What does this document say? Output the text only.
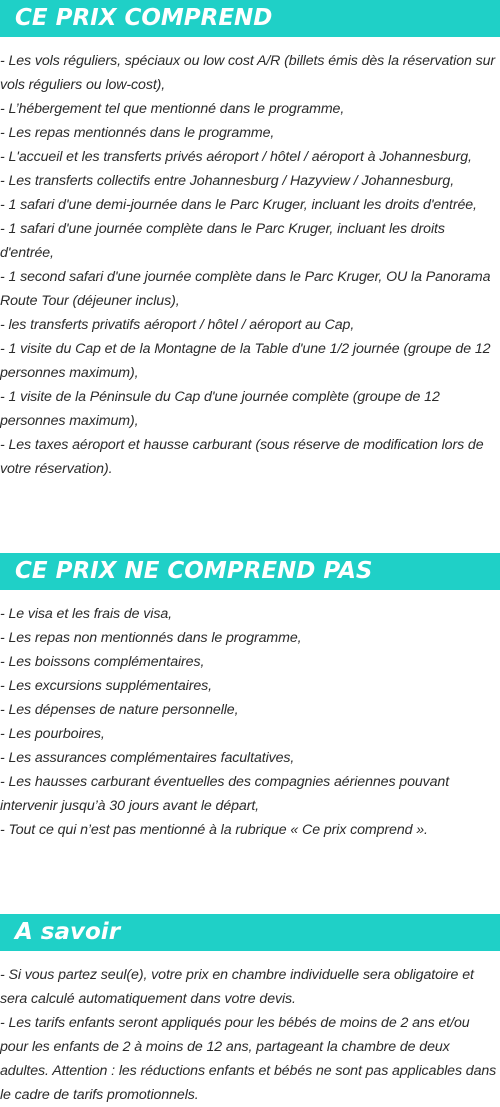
CE PRIX COMPREND

- Les vols réguliers, spéciaux ou low cost A/R (billets émis dès la réservation sur vols réguliers ou low-cost),

- L’hébergement tel que mentionné dans le programme,

- Les repas mentionnés dans le programme,

- L'accueil et les transferts privés aéroport / hôtel / aéroport à Johannesburg,

- Les transferts collectifs entre Johannesburg / Hazyview / Johannesburg,

- 1 safari d'une demi-journée dans le Parc Kruger, incluant les droits d'entrée,

- 1 safari d'une journée complète dans le Parc Kruger, incluant les droits d'entrée,

- 1 second safari d'une journée complète dans le Parc Kruger, OU la Panorama Route Tour (déjeuner inclus),

- les transferts privatifs aéroport / hôtel / aéroport au Cap,

- 1 visite du Cap et de la Montagne de la Table d'une 1/2 journée (groupe de 12 personnes maximum),

- 1 visite de la Péninsule du Cap d'une journée complète (groupe de 12 personnes maximum),

- Les taxes aéroport et hausse carburant (sous réserve de modification lors de votre réservation).

CE PRIX NE COMPREND PAS

- Le visa et les frais de visa,

- Les repas non mentionnés dans le programme,

- Les boissons complémentaires,

- Les excursions supplémentaires,

- Les dépenses de nature personnelle,

- Les pourboires,

- Les assurances complémentaires facultatives,

- Les hausses carburant éventuelles des compagnies aériennes pouvant intervenir jusqu’à 30 jours avant le départ,

- Tout ce qui n’est pas mentionné à la rubrique « Ce prix comprend ».

A savoir

- Si vous partez seul(e), votre prix en chambre individuelle sera obligatoire et sera calculé automatiquement dans votre devis.

- Les tarifs enfants seront appliqués pour les bébés de moins de 2 ans et/ou pour les enfants de 2 à moins de 12 ans, partageant la chambre de deux adultes. Attention : les réductions enfants et bébés ne sont pas applicables dans le cadre de tarifs promotionnels.
